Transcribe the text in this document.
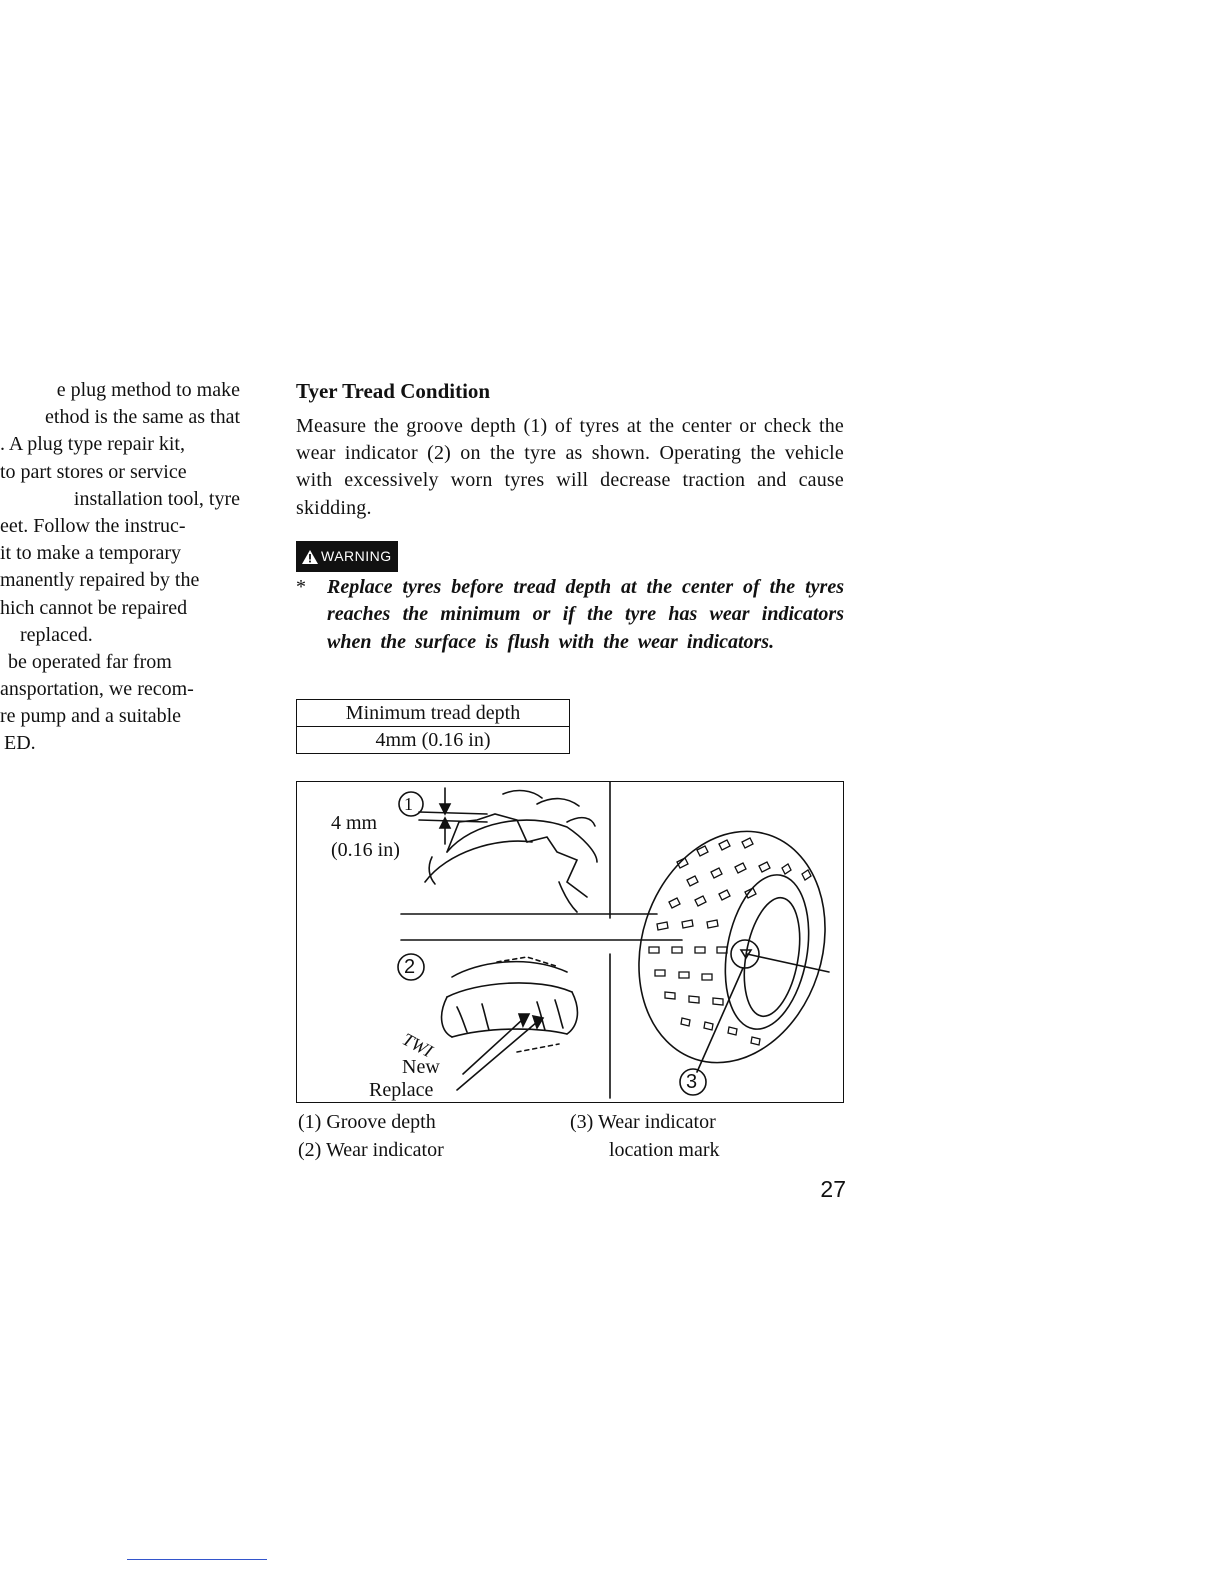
e plug method to make
ethod is the same as that
. A plug type repair kit,
to part stores or service
installation tool, tyre
eet. Follow the instruc-
it to make a temporary
manently repaired by the
hich cannot be repaired
replaced.
be operated far from
ansportation, we recom-
re pump and a suitable
ED.
Tyer Tread Condition

Measure the groove depth (1) of tyres at the center or check the wear indicator (2) on the tyre as shown. Operating the vehicle with excessively worn tyres will decrease traction and cause skidding.

WARNING
* Replace tyres before tread depth at the center of the tyres reaches the minimum or if the tyre has wear indicators when the surface is flush with the wear indicators.
Minimum tread depth
4mm (0.16 in)
1
2
3
4 mm
(0.16 in)
New
Replace
TWI
(1) Groove depth
(2) Wear indicator
(3) Wear indicator
location mark
27
